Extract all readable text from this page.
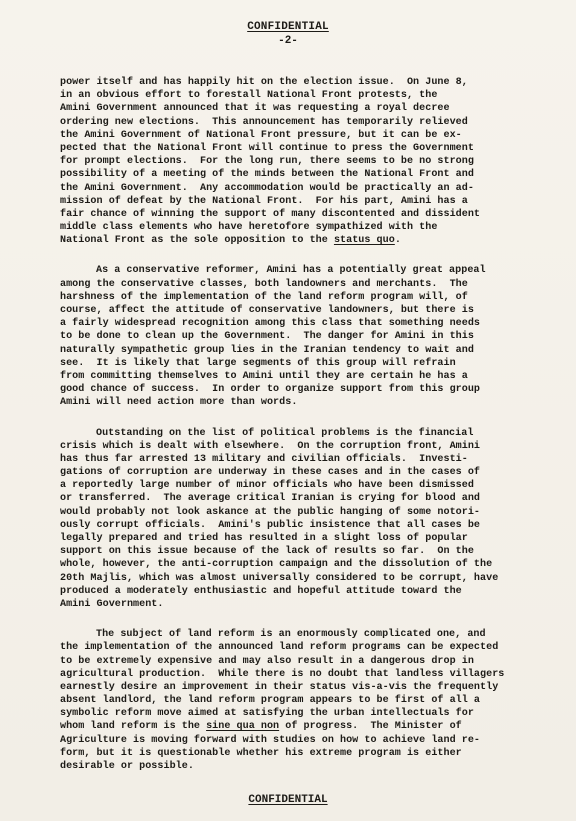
CONFIDENTIAL
-2-
power itself and has happily hit on the election issue.  On June 8,
in an obvious effort to forestall National Front protests, the
Amini Government announced that it was requesting a royal decree
ordering new elections.  This announcement has temporarily relieved
the Amini Government of National Front pressure, but it can be ex-
pected that the National Front will continue to press the Government
for prompt elections.  For the long run, there seems to be no strong
possibility of a meeting of the minds between the National Front and
the Amini Government.  Any accommodation would be practically an ad-
mission of defeat by the National Front.  For his part, Amini has a
fair chance of winning the support of many discontented and dissident
middle class elements who have heretofore sympathized with the
National Front as the sole opposition to the status quo.
As a conservative reformer, Amini has a potentially great appeal
among the conservative classes, both landowners and merchants.  The
harshness of the implementation of the land reform program will, of
course, affect the attitude of conservative landowners, but there is
a fairly widespread recognition among this class that something needs
to be done to clean up the Government.  The danger for Amini in this
naturally sympathetic group lies in the Iranian tendency to wait and
see.  It is likely that large segments of this group will refrain
from committing themselves to Amini until they are certain he has a
good chance of success.  In order to organize support from this group
Amini will need action more than words.
Outstanding on the list of political problems is the financial
crisis which is dealt with elsewhere.  On the corruption front, Amini
has thus far arrested 13 military and civilian officials.  Investi-
gations of corruption are underway in these cases and in the cases of
a reportedly large number of minor officials who have been dismissed
or transferred.  The average critical Iranian is crying for blood and
would probably not look askance at the public hanging of some notori-
ously corrupt officials.  Amini's public insistence that all cases be
legally prepared and tried has resulted in a slight loss of popular
support on this issue because of the lack of results so far.  On the
whole, however, the anti-corruption campaign and the dissolution of the
20th Majlis, which was almost universally considered to be corrupt, have
produced a moderately enthusiastic and hopeful attitude toward the
Amini Government.
The subject of land reform is an enormously complicated one, and
the implementation of the announced land reform programs can be expected
to be extremely expensive and may also result in a dangerous drop in
agricultural production.  While there is no doubt that landless villagers
earnestly desire an improvement in their status vis-a-vis the frequently
absent landlord, the land reform program appears to be first of all a
symbolic reform move aimed at satisfying the urban intellectuals for
whom land reform is the sine qua non of progress.  The Minister of
Agriculture is moving forward with studies on how to achieve land re-
form, but it is questionable whether his extreme program is either
desirable or possible.
CONFIDENTIAL
